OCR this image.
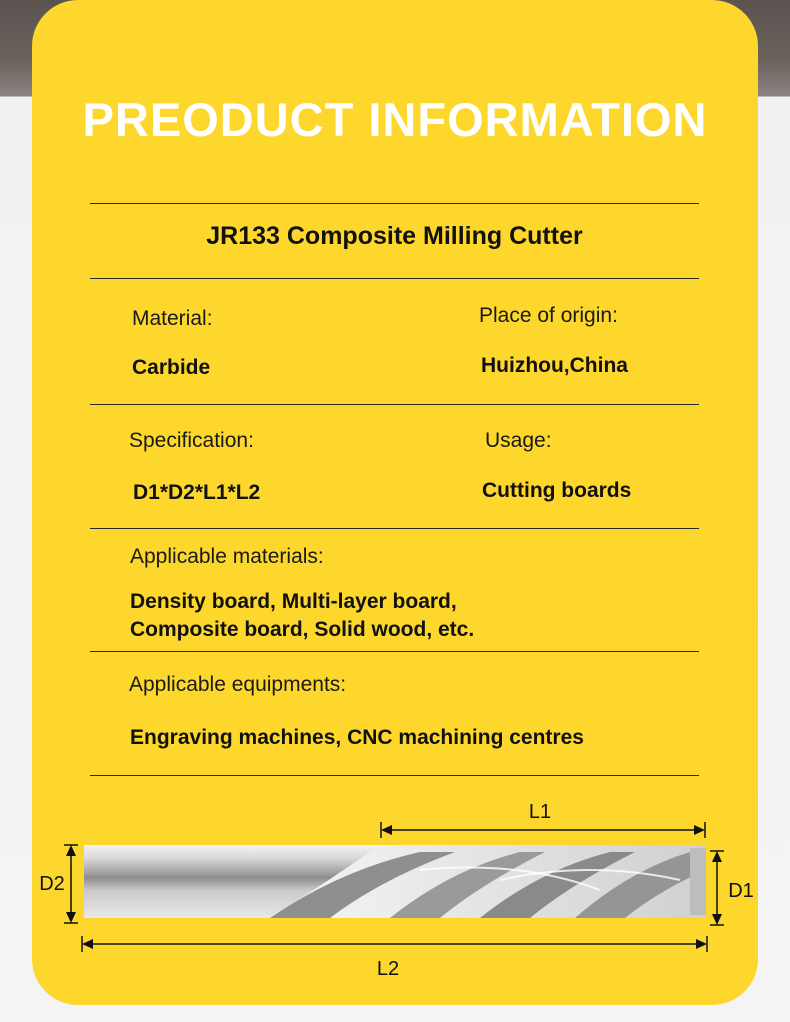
PREODUCT INFORMATION
JR133 Composite Milling Cutter
Material:
Carbide
Place of origin:
Huizhou,China
Specification:
D1*D2*L1*L2
Usage:
Cutting boards
Applicable materials:
Density board, Multi-layer board,
Composite board, Solid wood, etc.
Applicable equipments:
Engraving machines, CNC machining centres
L1
L2
D2	D1
